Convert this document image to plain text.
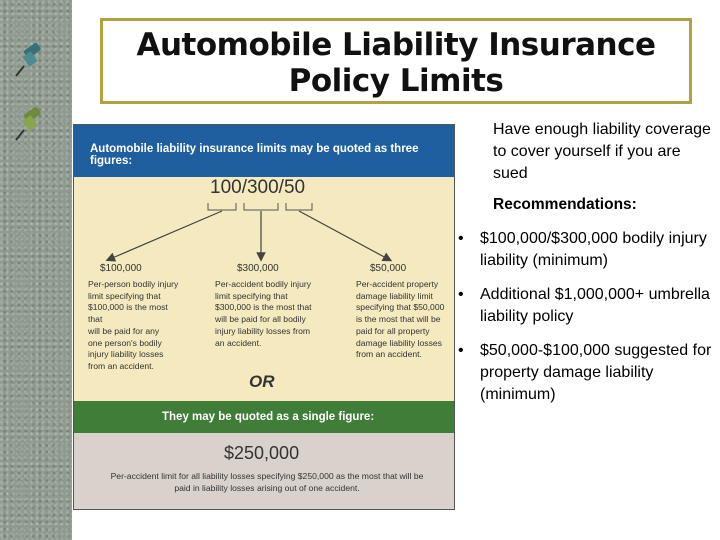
Automobile Liability Insurance
Policy Limits
Automobile liability insurance limits may be quoted as three figures:
They may be quoted as a single figure:
100/300/50
$100,000	$300,000	$50,000
Per-person bodily injury
limit specifying that
$100,000 is the most that
will be paid for any
one person's bodily
injury liability losses
from an accident.
Per-accident bodily injury
limit specifying that
$300,000 is the most that
will be paid for all bodily
injury liability losses from
an accident.
Per-accident property
damage liability limit
specifying that $50,000
is the most that will be
paid for all property
damage liability losses
from an accident.
OR
$250,000
Per-accident limit for all liability losses specifying $250,000 as the most that will be paid in liability losses arising out of one accident.
Have enough liability coverage to cover yourself if you are sued
Recommendations:
• $100,000/$300,000 bodily injury liability (minimum)
• Additional $1,000,000+ umbrella liability policy
• $50,000-$100,000 suggested for property damage liability (minimum)
